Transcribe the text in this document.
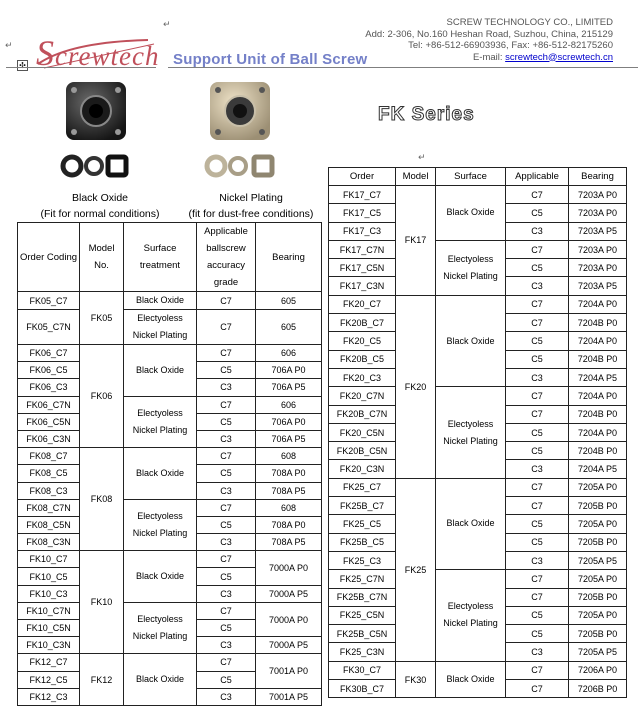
SCREW TECHNOLOGY CO., LIMITED
Add: 2-306, No.160 Heshan Road, Suzhou, China, 215129
Tel: +86-512-66903936, Fax: +86-512-82175260
E-mail: screwtech@screwtech.cn
↵
↵
✣ Screwtech Support Unit of Ball Screw
Black Oxide
(Fit for normal conditions)
Nickel Plating
(fit for dust-free conditions)
FK Series
↵
Order Coding	Model No.	Surface treatment	Applicable ballscrew accuracy grade	Bearing
FK05_C7	FK05	Black Oxide	C7	605
FK05_C7N		Electyoless Nickel Plating	C7	605
FK06_C7	FK06	Black Oxide	C7	606
FK06_C5			C5	706A P0
FK06_C3			C3	706A P5
FK06_C7N		Electyoless Nickel Plating	C7	606
FK06_C5N			C5	706A P0
FK06_C3N			C3	706A P5
FK08_C7	FK08	Black Oxide	C7	608
FK08_C5			C5	708A P0
FK08_C3			C3	708A P5
FK08_C7N		Electyoless Nickel Plating	C7	608
FK08_C5N			C5	708A P0
FK08_C3N			C3	708A P5
FK10_C7	FK10	Black Oxide	C7	7000A P0
FK10_C5			C5	
FK10_C3			C3	7000A P5
FK10_C7N		Electyoless Nickel Plating	C7	7000A P0
FK10_C5N			C5	
FK10_C3N			C3	7000A P5
FK12_C7	FK12	Black Oxide	C7	7001A P0
FK12_C5			C5	
FK12_C3			C3	7001A P5
Order	Model	Surface	Applicable	Bearing
FK17_C7	FK17	Black Oxide	C7	7203A P0
FK17_C5			C5	7203A P0
FK17_C3			C3	7203A P5
FK17_C7N		Electyoless Nickel Plating	C7	7203A P0
FK17_C5N			C5	7203A P0
FK17_C3N			C3	7203A P5
FK20_C7	FK20	Black Oxide	C7	7204A P0
FK20B_C7			C7	7204B P0
FK20_C5			C5	7204A P0
FK20B_C5			C5	7204B P0
FK20_C3			C3	7204A P5
FK20_C7N		Electyoless Nickel Plating	C7	7204A P0
FK20B_C7N			C7	7204B P0
FK20_C5N			C5	7204A P0
FK20B_C5N			C5	7204B P0
FK20_C3N			C3	7204A P5
FK25_C7	FK25	Black Oxide	C7	7205A P0
FK25B_C7			C7	7205B P0
FK25_C5			C5	7205A P0
FK25B_C5			C5	7205B P0
FK25_C3			C3	7205A P5
FK25_C7N		Electyoless Nickel Plating	C7	7205A P0
FK25B_C7N			C7	7205B P0
FK25_C5N			C5	7205A P0
FK25B_C5N			C5	7205B P0
FK25_C3N			C3	7205A P5
FK30_C7	FK30	Black Oxide	C7	7206A P0
FK30B_C7			C7	7206B P0
